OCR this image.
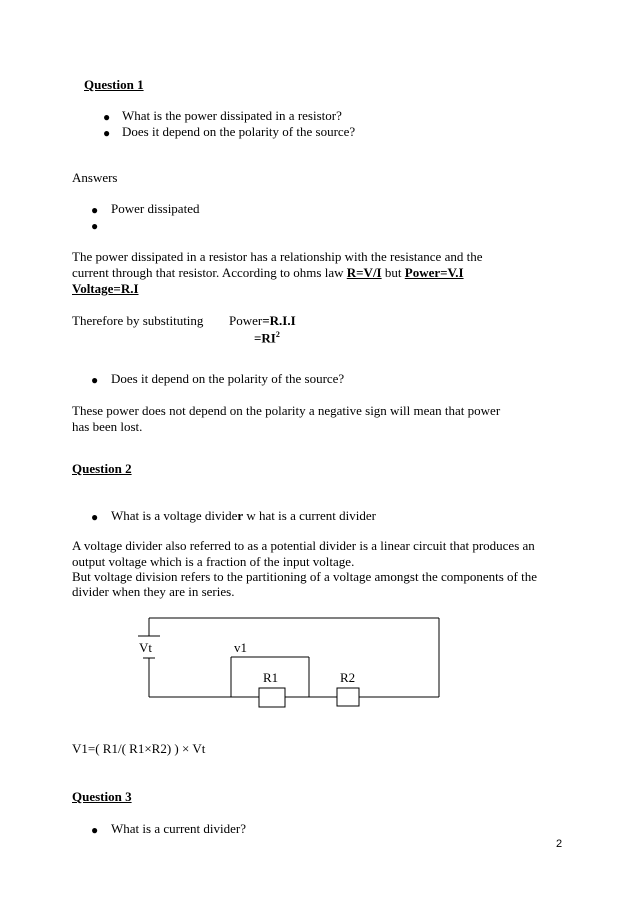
Question 1
● What is the power dissipated in a resistor?
● Does it depend on the polarity of the source?
Answers
● Power dissipated
●
The power dissipated in a resistor has a relationship with the resistance and the
current through that resistor. According to ohms law R=V/I but Power=V.I
Voltage=R.I
Therefore by substituting Power=R.I.I
$=RI^2$
● Does it depend on the polarity of the source?
These power does not depend on the polarity a negative sign will mean that power
has been lost.
Question 2
● What is a voltage divider w hat is a current divider
A voltage divider also referred to as a potential divider is a linear circuit that produces an
output voltage which is a fraction of the input voltage.
But voltage division refers to the partitioning of a voltage amongst the components of the
divider when they are in series.
Vt	v1
R1	R2
V1=( R1/( R1×R2) ) × Vt
Question 3
● What is a current divider?
2
